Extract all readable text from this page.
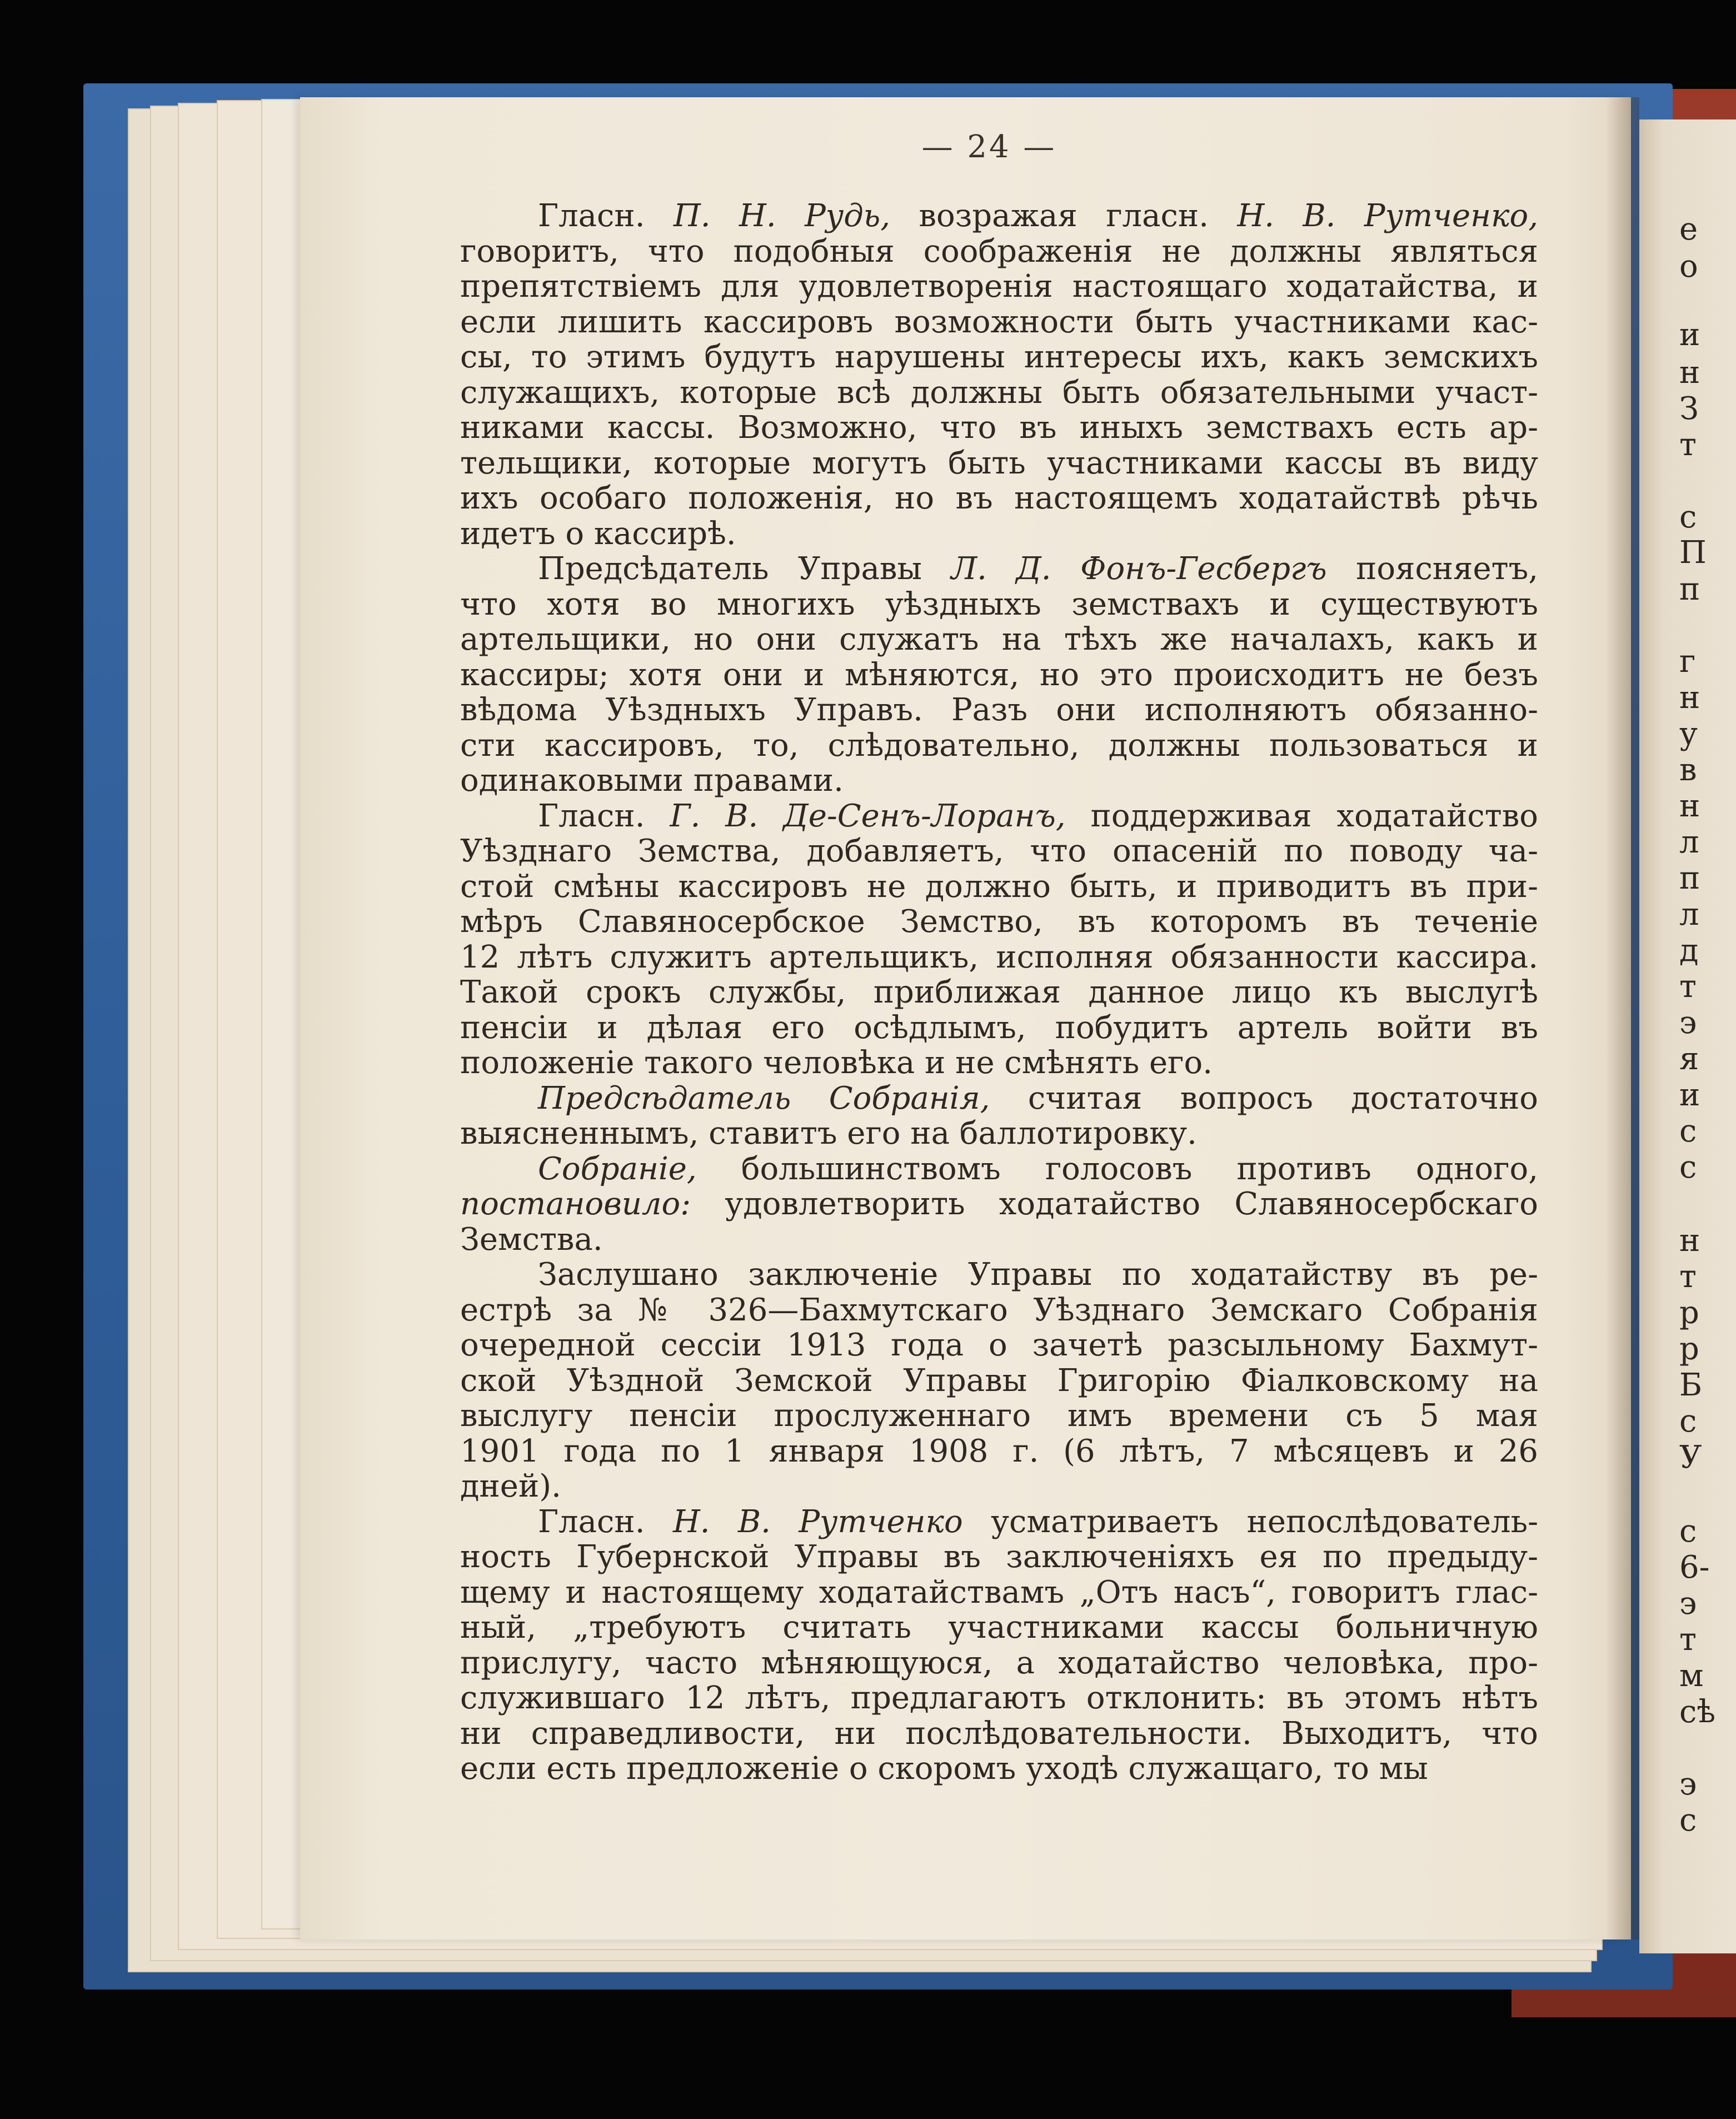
е
о
и
н
З
т
с
П
п
г
н
у
в
н
л
п
л
д
т
э
я
и
с
с
н
т
р
р
Б
с
У
с
6-
э
т
м
сѣ
э
с
— 24 —
Гласн. П. Н. Рудь, возражая гласн. Н. В. Рутченко,
говоритъ, что подобныя соображенія не должны являться
препятствіемъ для удовлетворенія настоящаго ходатайства, и
если лишить кассировъ возможности быть участниками кас-
сы, то этимъ будутъ нарушены интересы ихъ, какъ земскихъ
служащихъ, которые всѣ должны быть обязательными участ-
никами кассы. Возможно, что въ иныхъ земствахъ есть ар-
тельщики, которые могутъ быть участниками кассы въ виду
ихъ особаго положенія, но въ настоящемъ ходатайствѣ рѣчь
идетъ о кассирѣ.
Предсѣдатель Управы Л. Д. Фонъ-Гесбергъ поясняетъ,
что хотя во многихъ уѣздныхъ земствахъ и существуютъ
артельщики, но они служатъ на тѣхъ же началахъ, какъ и
кассиры; хотя они и мѣняются, но это происходитъ не безъ
вѣдома Уѣздныхъ Управъ. Разъ они исполняютъ обязанно-
сти кассировъ, то, слѣдовательно, должны пользоваться и
одинаковыми правами.
Гласн. Г. В. Де-Сенъ-Лоранъ, поддерживая ходатайство
Уѣзднаго Земства, добавляетъ, что опасеній по поводу ча-
стой смѣны кассировъ не должно быть, и приводитъ въ при-
мѣръ Славяносербское Земство, въ которомъ въ теченіе
12 лѣтъ служитъ артельщикъ, исполняя обязанности кассира.
Такой срокъ службы, приближая данное лицо къ выслугѣ
пенсіи и дѣлая его осѣдлымъ, побудитъ артель войти въ
положеніе такого человѣка и не смѣнять его.
Предсѣдатель Собранія, считая вопросъ достаточно
выясненнымъ, ставитъ его на баллотировку.
Собраніе, большинствомъ голосовъ противъ одного,
постановило: удовлетворить ходатайство Славяносербскаго
Земства.
Заслушано заключеніе Управы по ходатайству въ ре-
естрѣ за № 326—Бахмутскаго Уѣзднаго Земскаго Собранія
очередной сессіи 1913 года о зачетѣ разсыльному Бахмут-
ской Уѣздной Земской Управы Григорію Фіалковскому на
выслугу пенсіи прослуженнаго имъ времени съ 5 мая
1901 года по 1 января 1908 г. (6 лѣтъ, 7 мѣсяцевъ и 26
дней).
Гласн. Н. В. Рутченко усматриваетъ непослѣдователь-
ность Губернской Управы въ заключеніяхъ ея по предыду-
щему и настоящему ходатайствамъ „Отъ насъ“, говоритъ глас-
ный, „требуютъ считать участниками кассы больничную
прислугу, часто мѣняющуюся, а ходатайство человѣка, про-
служившаго 12 лѣтъ, предлагаютъ отклонить: въ этомъ нѣтъ
ни справедливости, ни послѣдовательности. Выходитъ, что
если есть предложеніе о скоромъ уходѣ служащаго, то мы
